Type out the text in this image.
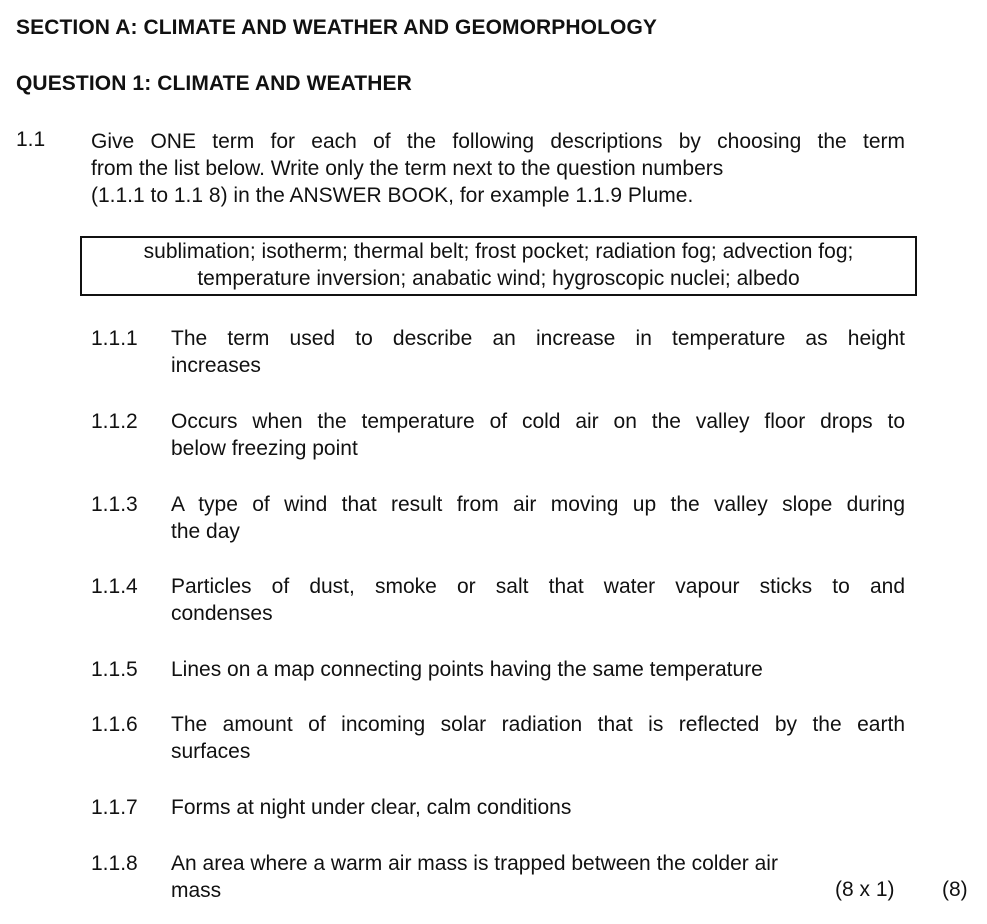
SECTION A: CLIMATE AND WEATHER AND GEOMORPHOLOGY
QUESTION 1: CLIMATE AND WEATHER
1.1 Give ONE term for each of the following descriptions by choosing the term
from the list below. Write only the term next to the question numbers
(1.1.1 to 1.1 8) in the ANSWER BOOK, for example 1.1.9 Plume.
sublimation; isotherm; thermal belt; frost pocket; radiation fog; advection fog;
temperature inversion; anabatic wind; hygroscopic nuclei; albedo
1.1.1 The term used to describe an increase in temperature as height
increases
1.1.2 Occurs when the temperature of cold air on the valley floor drops to
below freezing point
1.1.3 A type of wind that result from air moving up the valley slope during
the day
1.1.4 Particles of dust, smoke or salt that water vapour sticks to and
condenses
1.1.5 Lines on a map connecting points having the same temperature
1.1.6 The amount of incoming solar radiation that is reflected by the earth
surfaces
1.1.7 Forms at night under clear, calm conditions
1.1.8 An area where a warm air mass is trapped between the colder air
mass	(8 x 1) (8)
